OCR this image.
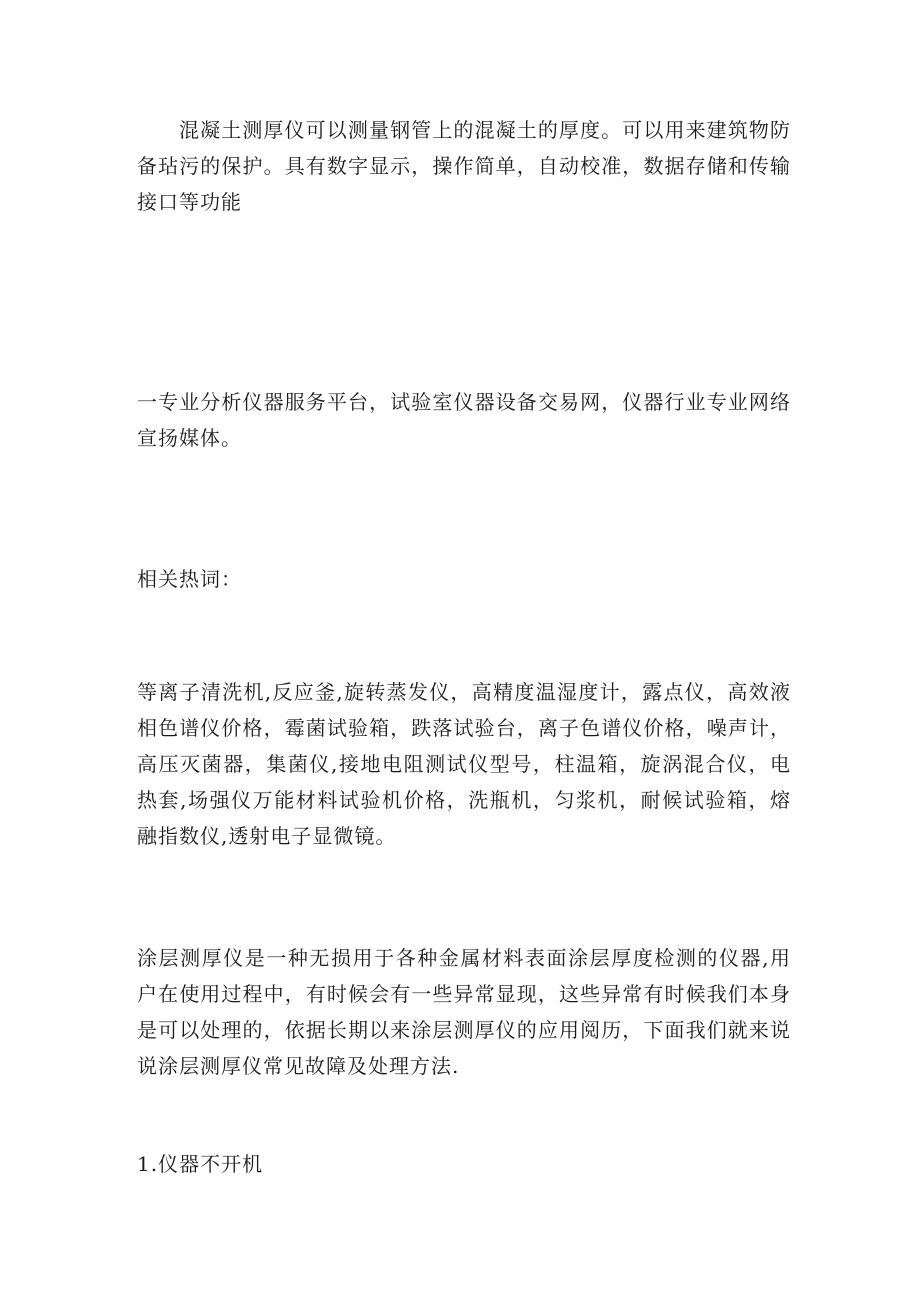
混凝土测厚仪可以测量钢管上的混凝土的厚度。可以用来建筑物防备玷污的保护。具有数字显示，操作简单，自动校准，数据存储和传输接口等功能

一专业分析仪器服务平台，试验室仪器设备交易网，仪器行业专业网络宣扬媒体。

相关热词：

等离子清洗机,反应釜,旋转蒸发仪，高精度温湿度计，露点仪，高效液相色谱仪价格，霉菌试验箱，跌落试验台，离子色谱仪价格，噪声计，高压灭菌器，集菌仪,接地电阻测试仪型号，柱温箱，旋涡混合仪，电热套,场强仪万能材料试验机价格，洗瓶机，匀浆机，耐候试验箱，熔融指数仪,透射电子显微镜。

涂层测厚仪是一种无损用于各种金属材料表面涂层厚度检测的仪器,用户在使用过程中，有时候会有一些异常显现，这些异常有时候我们本身是可以处理的，依据长期以来涂层测厚仪的应用阅历，下面我们就来说说涂层测厚仪常见故障及处理方法.

1.仪器不开机
